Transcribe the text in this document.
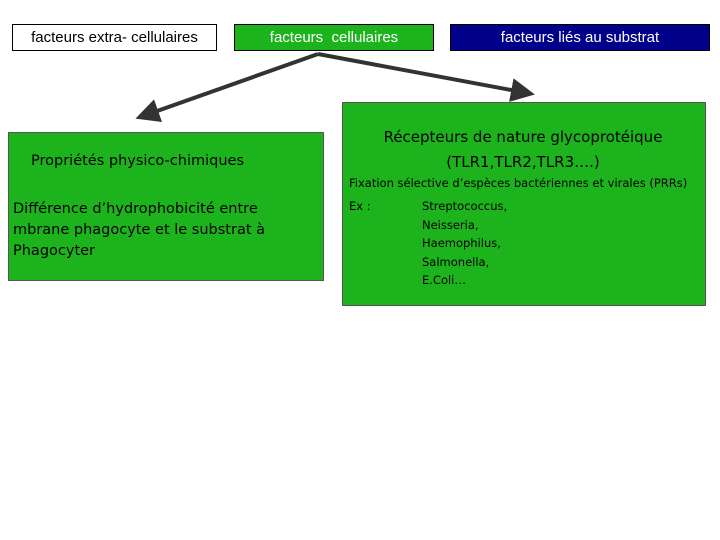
facteurs extra- cellulaires	facteurs  cellulaires	facteurs liés au substrat
Propriétés physico-chimiques
Différence d’hydrophobicité entre mbrane phagocyte et le substrat à Phagocyter
Récepteurs de nature glycoprotéique
(TLR1,TLR2,TLR3….)
Fixation sélective d’espèces bactériennes et virales (PRRs)
Ex :	Streptococcus,
Neisseria,
Haemophilus,
Salmonella,
E.Coli…
